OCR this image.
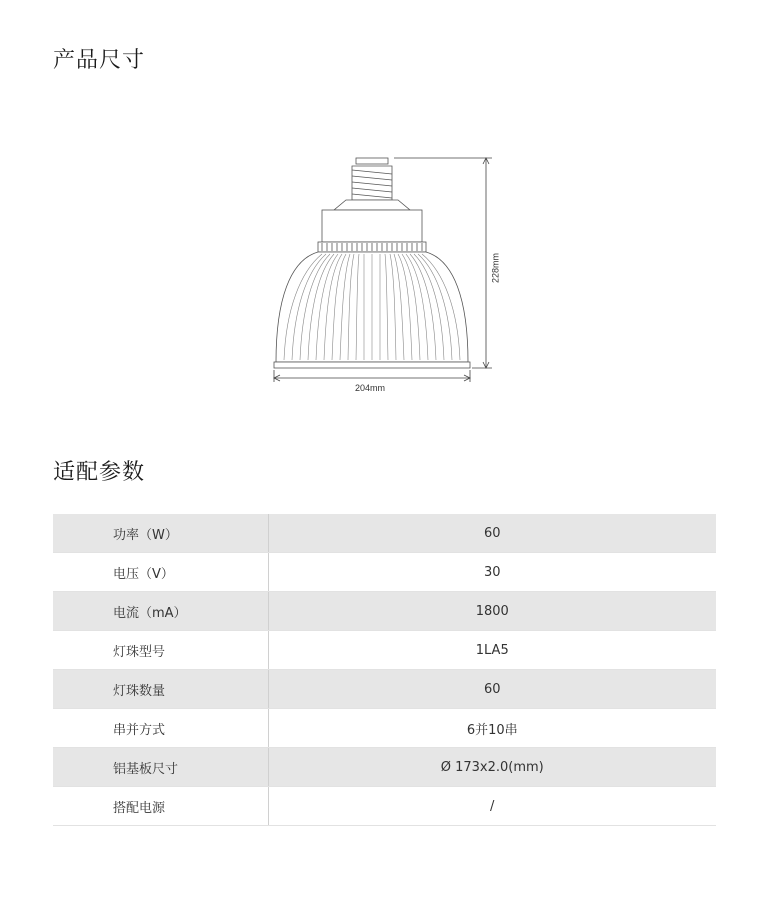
产品尺寸
228mm
204mm
适配参数
功率（W）	60
电压（V）	30
电流（mA）	1800
灯珠型号	1LA5
灯珠数量	60
串并方式	6并10串
铝基板尺寸	Ø 173x2.0(mm)
搭配电源	/
